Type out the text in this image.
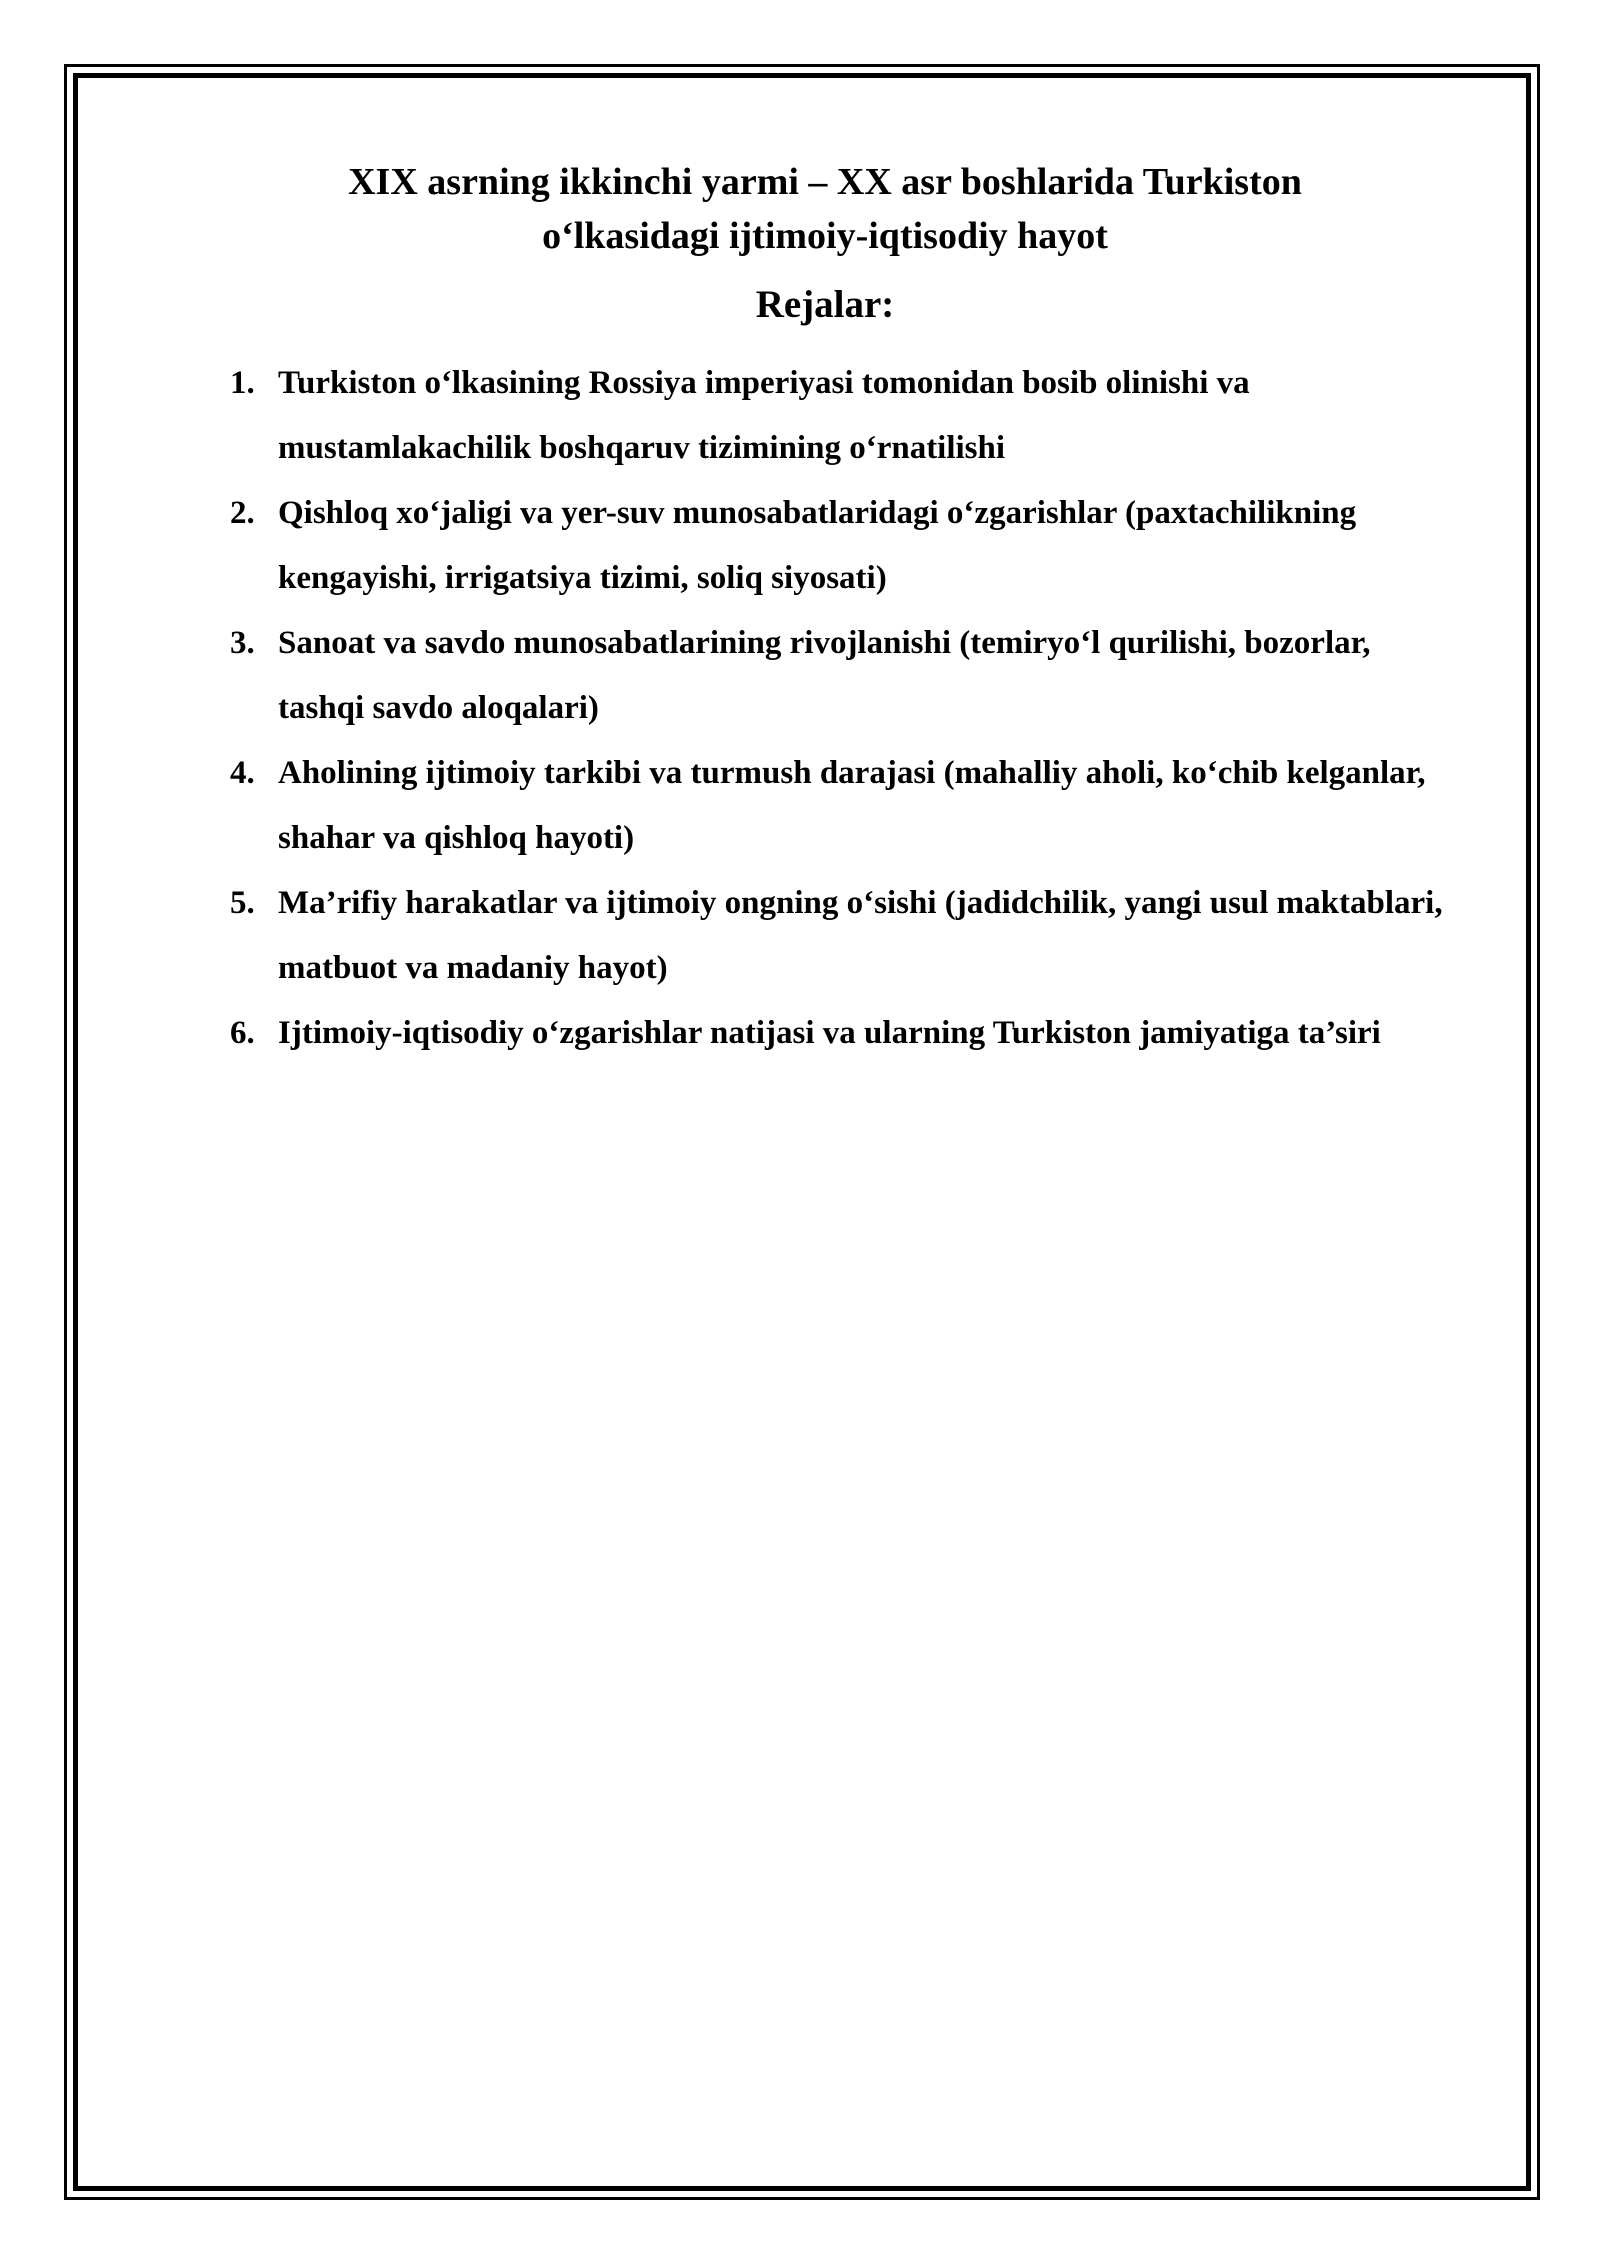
XIX asrning ikkinchi yarmi – XX asr boshlarida Turkiston
o‘lkasidagi ijtimoiy-iqtisodiy hayot
Rejalar:
1. Turkiston o‘lkasining Rossiya imperiyasi tomonidan bosib olinishi va mustamlakachilik boshqaruv tizimining o‘rnatilishi
2. Qishloq xo‘jaligi va yer-suv munosabatlaridagi o‘zgarishlar (paxtachilikning kengayishi, irrigatsiya tizimi, soliq siyosati)
3. Sanoat va savdo munosabatlarining rivojlanishi (temiryo‘l qurilishi, bozorlar, tashqi savdo aloqalari)
4. Aholining ijtimoiy tarkibi va turmush darajasi (mahalliy aholi, ko‘chib kelganlar, shahar va qishloq hayoti)
5. Ma’rifiy harakatlar va ijtimoiy ongning o‘sishi (jadidchilik, yangi usul maktablari, matbuot va madaniy hayot)
6. Ijtimoiy-iqtisodiy o‘zgarishlar natijasi va ularning Turkiston jamiyatiga ta’siri
